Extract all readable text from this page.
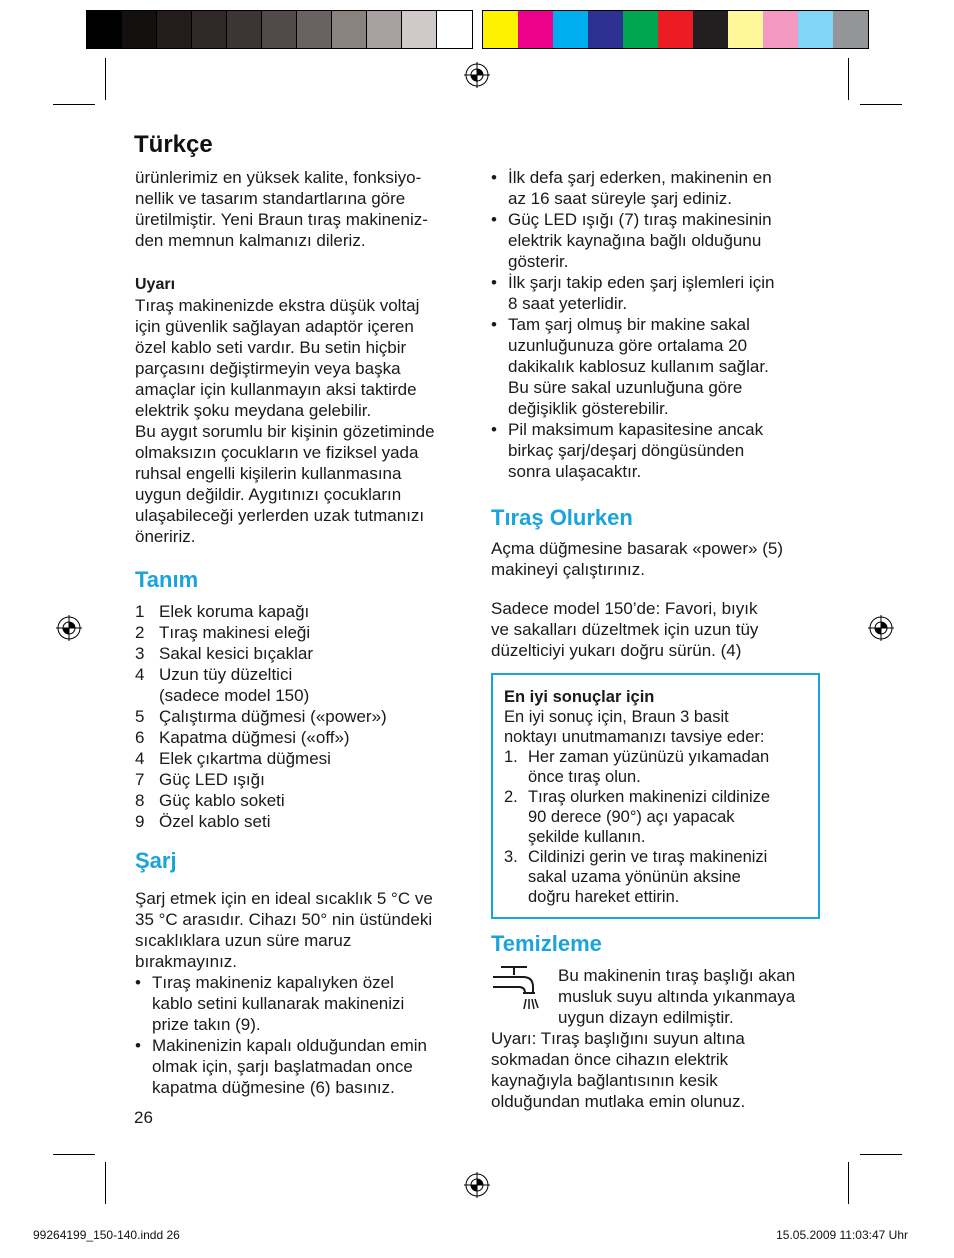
Türkçe

ürünlerimiz en yüksek kalite, fonksiyo-
nellik ve tasarım standartlarına göre
üretilmiştir. Yeni Braun tıraş makineniz-
den memnun kalmanızı dileriz.

Uyarı

Tıraş makinenizde ekstra düşük voltaj
için güvenlik sağlayan adaptör içeren
özel kablo seti vardır. Bu setin hiçbir
parçasını değiştirmeyin veya başka
amaçlar için kullanmayın aksi taktirde
elektrik şoku meydana gelebilir.
Bu aygıt sorumlu bir kişinin gözetiminde
olmaksızın çocukların ve fiziksel yada
ruhsal engelli kişilerin kullanmasına
uygun değildir. Aygıtınızı çocukların
ulaşabileceği yerlerden uzak tutmanızı
öneririz.

Tanım
1 Elek koruma kapağı
2 Tıraş makinesi eleği
3 Sakal kesici bıçaklar
4 Uzun tüy düzeltici
(sadece model 150)
5 Çalıştırma düğmesi («power»)
6 Kapatma düğmesi («off»)
4 Elek çıkartma düğmesi
7 Güç LED ışığı
8 Güç kablo soketi
9 Özel kablo seti
Şarj

Şarj etmek için en ideal sıcaklık 5 °C ve
35 °C arasıdır. Cihazı 50° nin üstündeki
sıcaklıklara uzun süre maruz
bırakmayınız.

• Tıraş makineniz kapalıyken özel
kablo setini kullanarak makinenizi
prize takın (9).
• Makinenizin kapalı olduğundan emin
olmak için, şarjı başlatmadan once
kapatma düğmesine (6) basınız.
26
• İlk defa şarj ederken, makinenin en
az 16 saat süreyle şarj ediniz.
• Güç LED ışığı (7) tıraş makinesinin
elektrik kaynağına bağlı olduğunu
gösterir.
• İlk şarjı takip eden şarj işlemleri için
8 saat yeterlidir.
• Tam şarj olmuş bir makine sakal
uzunluğunuza göre ortalama 20
dakikalık kablosuz kullanım sağlar.
Bu süre sakal uzunluğuna göre
değişiklik gösterebilir.
• Pil maksimum kapasitesine ancak
birkaç şarj/deşarj döngüsünden
sonra ulaşacaktır.
Tıraş Olurken

Açma düğmesine basarak «power» (5)
makineyi çalıştırınız.

Sadece model 150’de: Favori, bıyık
ve sakalları düzeltmek için uzun tüy
düzelticiyi yukarı doğru sürün. (4)

En iyi sonuçlar için

En iyi sonuç için, Braun 3 basit
noktayı unutmamanızı tavsiye eder:

1. Her zaman yüzünüzü yıkamadan
önce tıraş olun.
2. Tıraş olurken makinenizi cildinize
90 derece (90°) açı yapacak
şekilde kullanın.
3. Cildinizi gerin ve tıraş makinenizi
sakal uzama yönünün aksine
doğru hareket ettirin.
Temizleme

Bu makinenin tıraş başlığı akan
musluk suyu altında yıkanmaya
uygun dizayn edilmiştir.

Uyarı: Tıraş başlığını suyun altına
sokmadan önce cihazın elektrik
kaynağıyla bağlantısının kesik
olduğundan mutlaka emin olunuz.

99264199_150-140.indd 26	15.05.2009 11:03:47 Uhr
